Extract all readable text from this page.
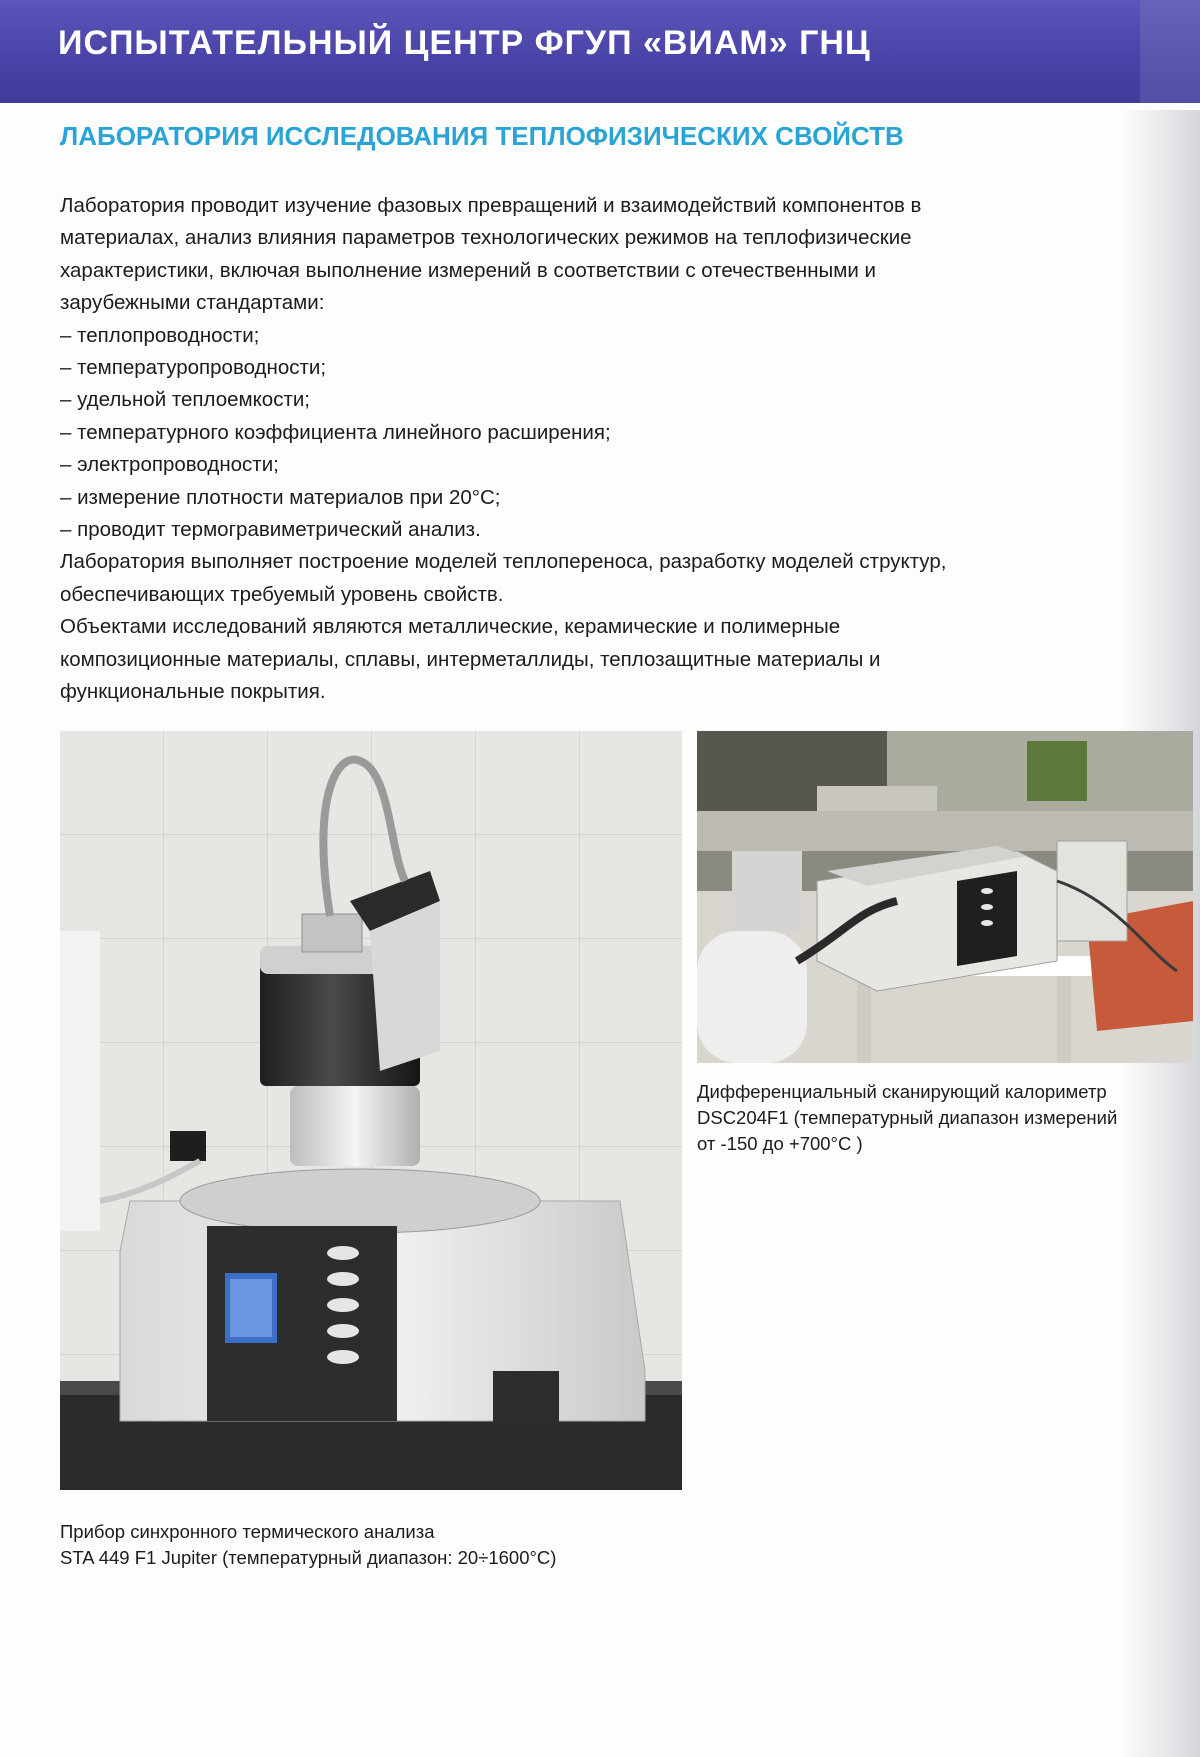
ИСПЫТАТЕЛЬНЫЙ ЦЕНТР ФГУП «ВИАМ» ГНЦ
ЛАБОРАТОРИЯ ИССЛЕДОВАНИЯ ТЕПЛОФИЗИЧЕСКИХ СВОЙСТВ
Лаборатория проводит изучение фазовых превращений и взаимодействий компонентов в
материалах, анализ влияния параметров технологических режимов на теплофизические
характеристики, включая выполнение измерений в соответствии с отечественными и
зарубежными стандартами:
– теплопроводности;
– температуропроводности;
– удельной теплоемкости;
– температурного коэффициента линейного расширения;
– электропроводности;
– измерение плотности материалов при 20°С;
– проводит термогравиметрический анализ.
Лаборатория выполняет построение моделей теплопереноса, разработку моделей структур,
обеспечивающих требуемый уровень свойств.
Объектами исследований являются металлические, керамические и полимерные
композиционные материалы, сплавы, интерметаллиды, теплозащитные материалы и
функциональные покрытия.
Дифференциальный сканирующий калориметр
DSC204F1 (температурный диапазон измерений
от -150 до +700°С )
Прибор синхронного термического анализа
STA 449 F1 Jupiter (температурный диапазон: 20÷1600°С)
